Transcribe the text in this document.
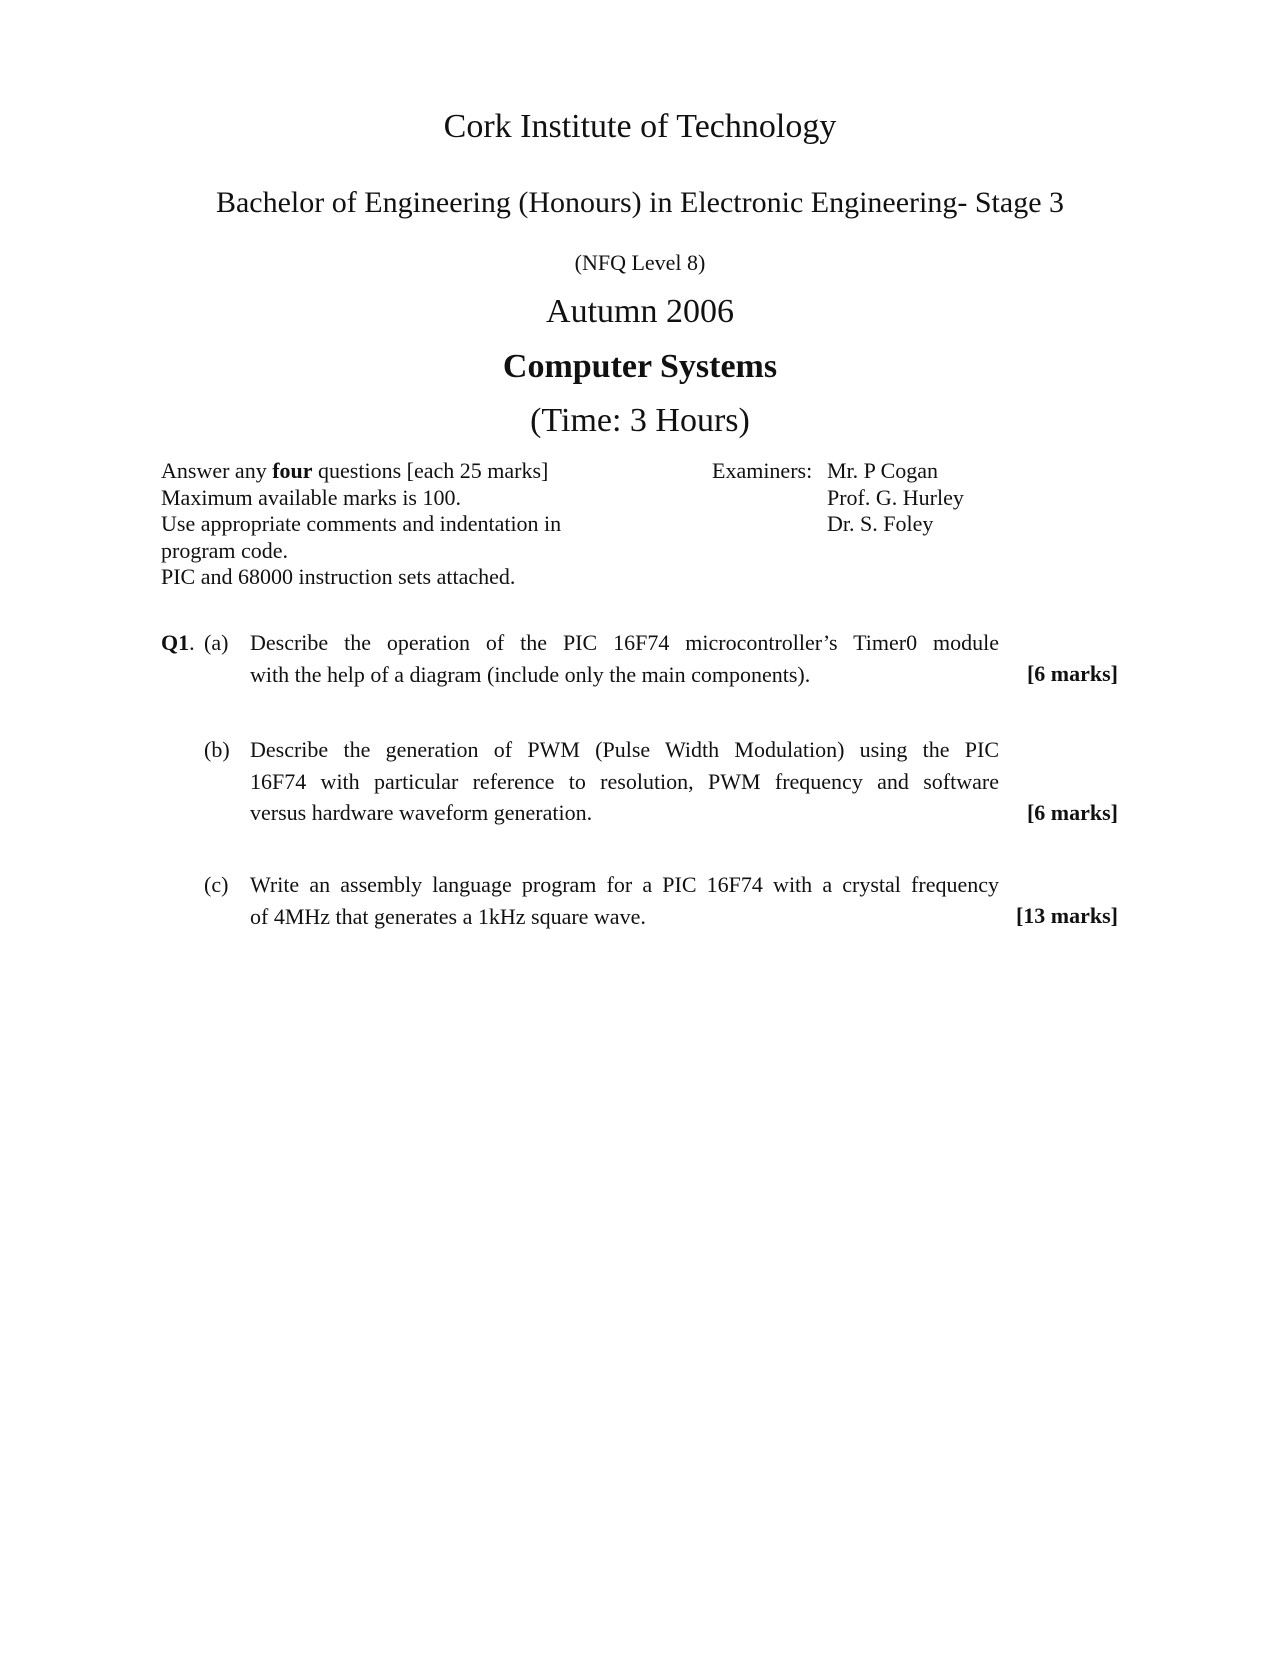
Cork Institute of Technology
Bachelor of Engineering (Honours) in Electronic Engineering- Stage 3
(NFQ Level 8)
Autumn 2006
Computer Systems
(Time: 3 Hours)
Answer any four questions [each 25 marks]
Maximum available marks is 100.
Use appropriate comments and indentation in
program code.
PIC and 68000 instruction sets attached.
Examiners: Mr. P Cogan
Prof. G. Hurley
Dr. S. Foley
Q1. (a) Describe the operation of the PIC 16F74 microcontroller’s Timer0 module
with the help of a diagram (include only the main components).	[6 marks]
(b) Describe the generation of PWM (Pulse Width Modulation) using the PIC
16F74 with particular reference to resolution, PWM frequency and software
versus hardware waveform generation.	[6 marks]
(c) Write an assembly language program for a PIC 16F74 with a crystal frequency
of 4MHz that generates a 1kHz square wave.	[13 marks]
